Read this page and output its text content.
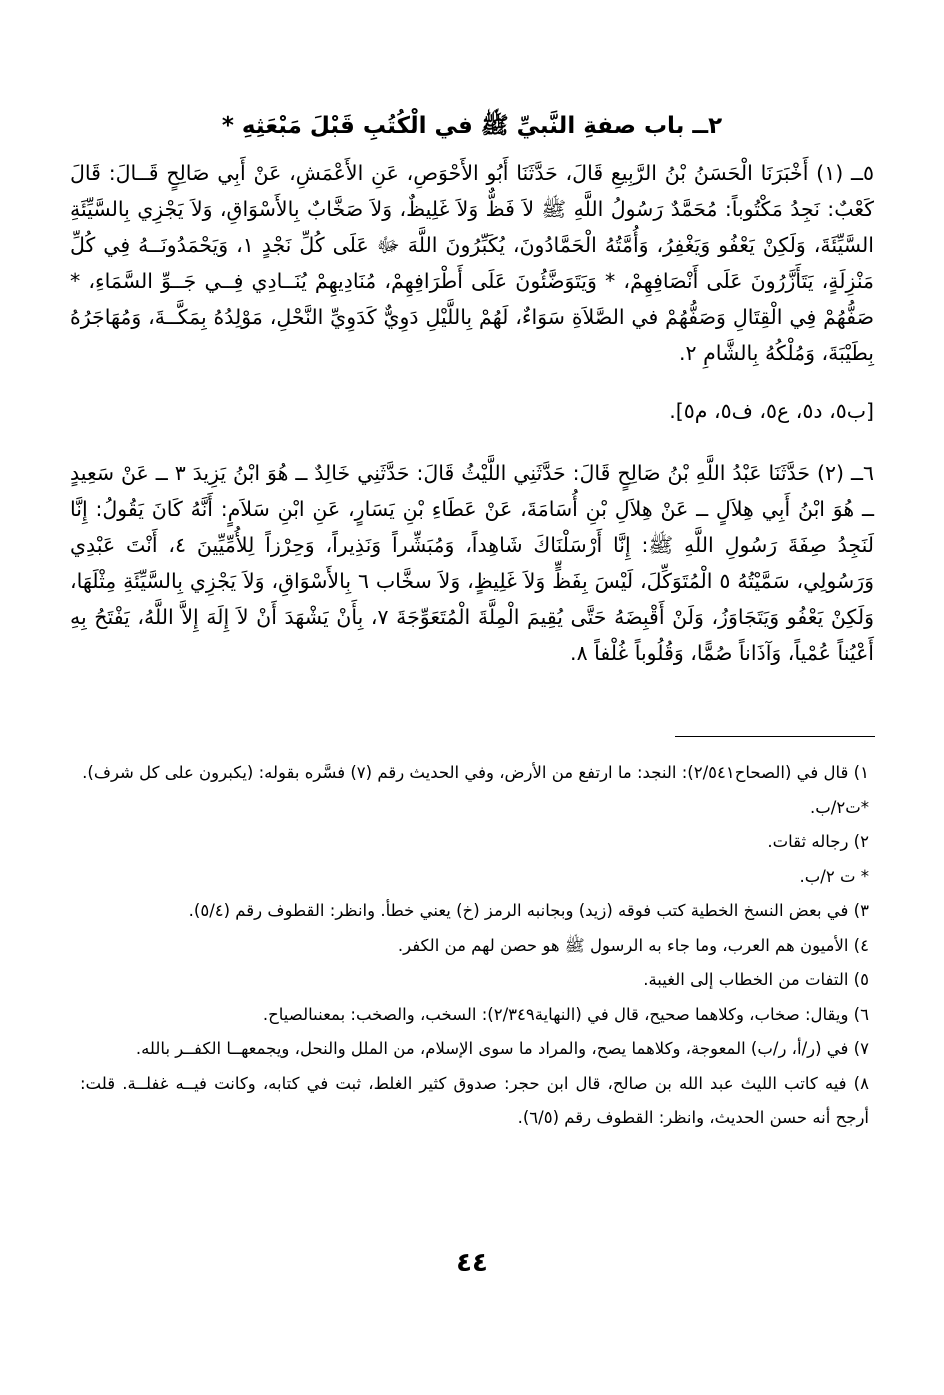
٢ــ باب صفةِ النَّبيِّ ﷺ في الْكُتُبِ قَبْلَ مَبْعَثِهِ *
٥ــ (١) أَخْبَرَنَا الْحَسَنُ بْنُ الرَّبِيعِ قَالَ، حَدَّثَنَا أَبُو الأَحْوَصِ، عَنِ الأَعْمَشِ، عَنْ أَبِي صَالِحٍ قَــالَ: قَالَ كَعْبٌ: نَجِدُ مَكْتُوباً: مُحَمَّدٌ رَسُولُ اللَّهِ ﷺ لاَ فَظٌّ وَلاَ غَلِيظٌ، وَلاَ صَخَّابٌ بِالأَسْوَاقِ، وَلاَ يَجْزِي بِالسَّيِّئَةِ السَّيِّئَةَ، وَلَكِنْ يَعْفُو وَيَغْفِرُ، وَأُمَّتُهُ الْحَمَّادُونَ، يُكَبِّرُونَ اللَّهَ ﷻ عَلَى كُلِّ نَجْدٍ ١، وَيَحْمَدُونَــهُ فِي كُلِّ مَنْزِلَةٍ، يَتَأَزَّرُونَ عَلَى أَنْصَافِهِمْ، * وَيَتَوَضَّئُونَ عَلَى أَطْرَافِهِمْ، مُنَادِيهِمْ يُنَــادِي فِــي جَــوِّ السَّمَاءِ، * صَفُّهُمْ فِي الْقِتَالِ وَصَفُّهُمْ في الصَّلاَةِ سَوَاءٌ، لَهُمْ بِاللَّيْلِ دَوِيٌّ كَدَوِيِّ النَّحْلِ، مَوْلِدُهُ بِمَكَّــةَ، وَمُهَاجَرُهُ بِطَيْبَةَ، وَمُلْكُهُ بِالشَّامِ ٢.
[ب٥، د٥، ع٥، ف٥، م٥].
٦ــ (٢) حَدَّثَنَا عَبْدُ اللَّهِ بْنُ صَالِحٍ قَالَ: حَدَّثَنِي اللَّيْثُ قَالَ: حَدَّثَنِي خَالِدٌ ــ هُوَ ابْنُ يَزِيدَ ٣ ــ عَنْ سَعِيدٍ ــ هُوَ ابْنُ أَبِي هِلاَلٍ ــ عَنْ هِلاَلِ بْنِ أُسَامَةَ، عَنْ عَطَاءِ بْنِ يَسَارٍ، عَنِ ابْنِ سَلاَمٍ: أَنَّهُ كَانَ يَقُولُ: إِنَّا لَنَجِدُ صِفَةَ رَسُولِ اللَّهِ ﷺ: إِنَّا أَرْسَلْنَاكَ شَاهِداً، وَمُبَشِّراً وَنَذِيراً، وَحِرْزاً لِلأُمِّيِّينَ ٤، أَنْتَ عَبْدِي وَرَسُولِي، سَمَّيْتُهُ ٥ الْمُتَوَكِّلَ، لَيْسَ بِفَظٍّ وَلاَ غَلِيظٍ، وَلاَ سخَّاب ٦ بِالأَسْوَاقِ، وَلاَ يَجْزِي بِالسَّيِّئَةِ مِثْلَهَا، وَلَكِنْ يَعْفُو وَيَتَجَاوَزُ، وَلَنْ أَقْبِضَهُ حَتَّى يُقِيمَ الْمِلَّةَ الْمُتَعَوِّجَةَ ٧، بِأَنْ يَشْهَدَ أَنْ لاَ إِلَهَ إِلاَّ اللَّهُ، يَفْتَحُ بِهِ أَعْيُناً عُمْياً، وَآذَاناً صُمًّا، وَقُلُوباً غُلْفاً ٨.

١) قال في (الصحاح٢/٥٤١): النجد: ما ارتفع من الأرض، وفي الحديث رقم (٧) فسَّره بقوله: (يكبرون على كل شرف).

*ت٢/ب.

٢) رجاله ثقات.

* ت ٢/ب.

٣) في بعض النسخ الخطية كتب فوقه (زيد) وبجانبه الرمز (خ) يعني خطأ. وانظر: القطوف رقم (٥/٤).

٤) الأميون هم العرب، وما جاء به الرسول ﷺ هو حصن لهم من الكفر.

٥) التفات من الخطاب إلى الغيبة.

٦) ويقال: صخاب، وكلاهما صحيح، قال في (النهاية٢/٣٤٩): السخب، والصخب: بمعنىالصياح.

٧) في (ر/أ، ر/ب) المعوجة، وكلاهما يصح، والمراد ما سوى الإسلام، من الملل والنحل، ويجمعهــا الكفــر بالله.

٨) فيه كاتب الليث عبد الله بن صالح، قال ابن حجر: صدوق كثير الغلط، ثبت في كتابه، وكانت فيــه غفلــة. قلت: أرجح أنه حسن الحديث، وانظر: القطوف رقم (٦/٥).

٤٤
